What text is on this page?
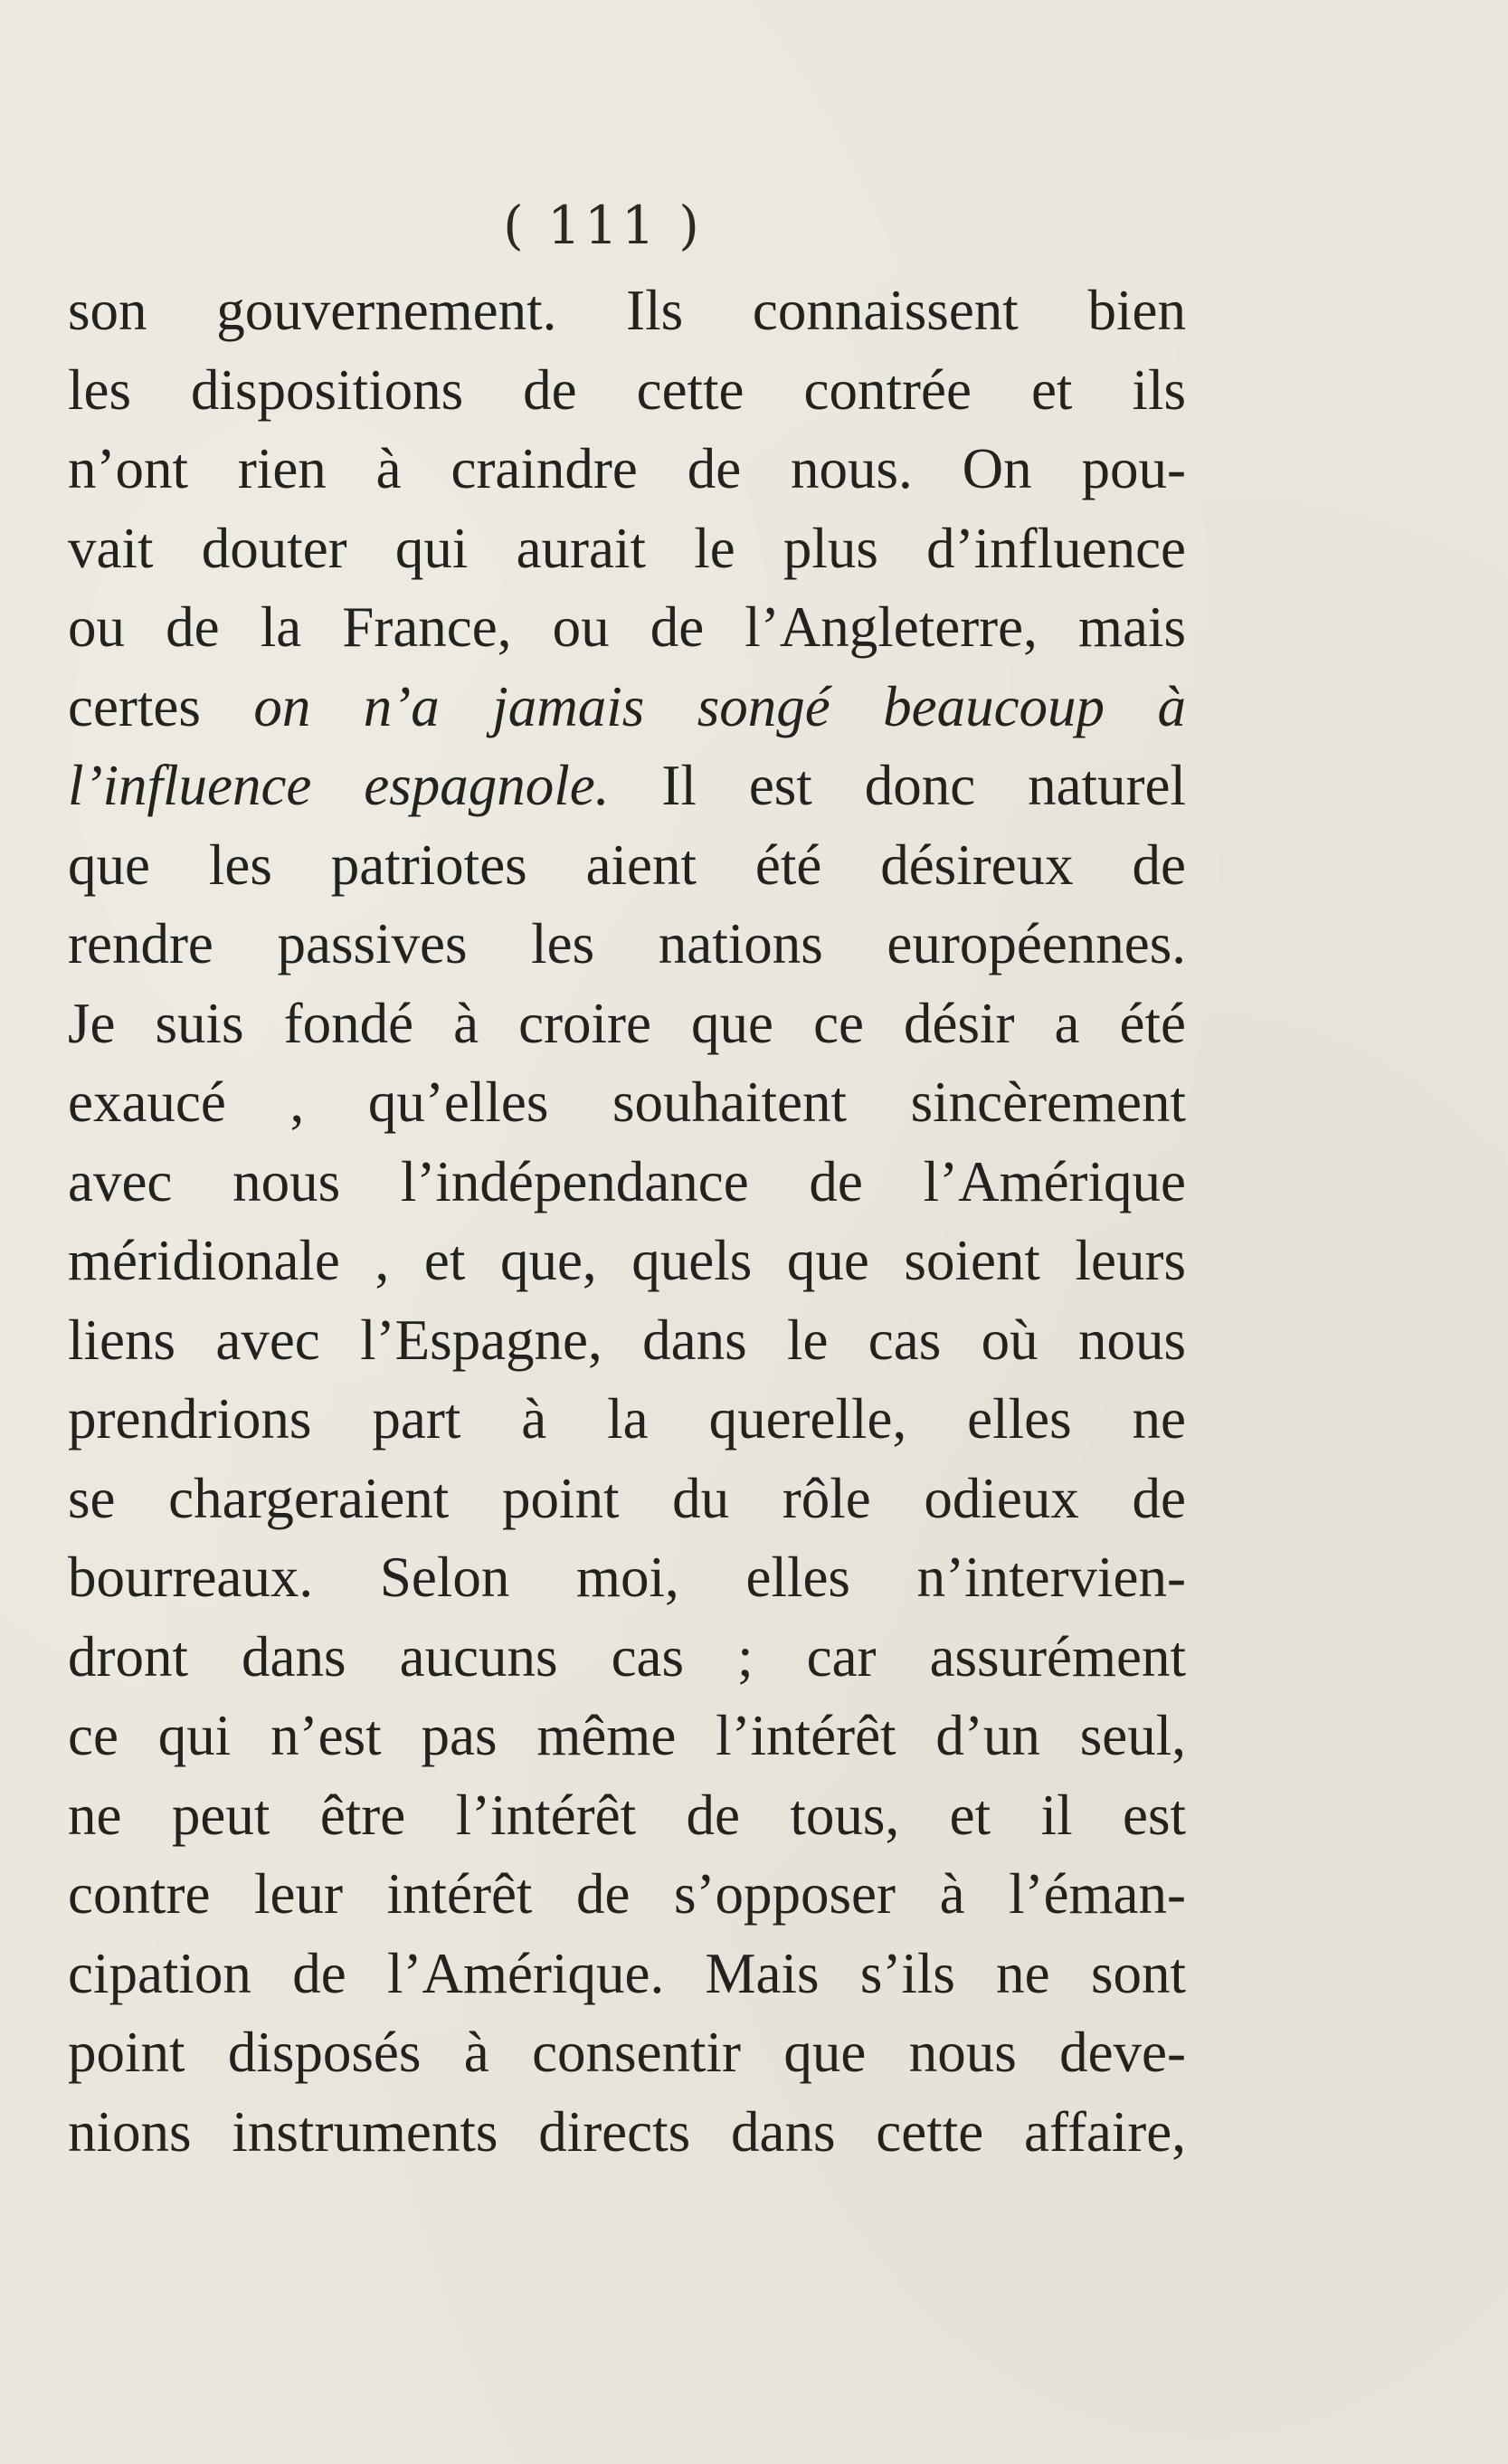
( 111 )
son gouvernement. Ils connaissent bien
les dispositions de cette contrée et ils
n’ont rien à craindre de nous. On pou-
vait douter qui aurait le plus d’influence
ou de la France, ou de l’Angleterre, mais
certes on n’a jamais songé beaucoup à
l’influence espagnole. Il est donc naturel
que les patriotes aient été désireux de
rendre passives les nations européennes.
Je suis fondé à croire que ce désir a été
exaucé , qu’elles souhaitent sincèrement
avec nous l’indépendance de l’Amérique
méridionale , et que, quels que soient leurs
liens avec l’Espagne, dans le cas où nous
prendrions part à la querelle, elles ne
se chargeraient point du rôle odieux de
bourreaux. Selon moi, elles n’intervien-
dront dans aucuns cas ; car assurément
ce qui n’est pas même l’intérêt d’un seul,
ne peut être l’intérêt de tous, et il est
contre leur intérêt de s’opposer à l’éman-
cipation de l’Amérique. Mais s’ils ne sont
point disposés à consentir que nous deve-
nions instruments directs dans cette affaire,
